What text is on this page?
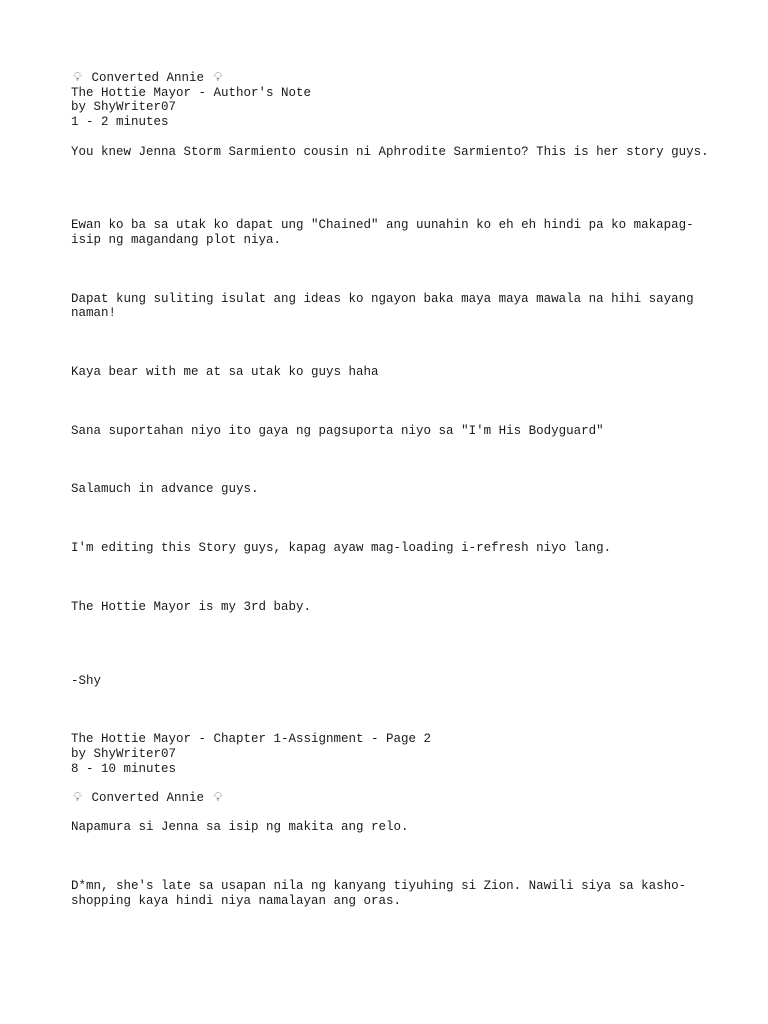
💡︎ Converted Annie 💡︎
The Hottie Mayor - Author's Note
by ShyWriter07
1 - 2 minutes
You knew Jenna Storm Sarmiento cousin ni Aphrodite Sarmiento? This is her story guys.
Ewan ko ba sa utak ko dapat ung "Chained" ang uunahin ko eh eh hindi pa ko makapag-isip ng magandang plot niya.
Dapat kung suliting isulat ang ideas ko ngayon baka maya maya mawala na hihi sayang naman!
Kaya bear with me at sa utak ko guys haha
Sana suportahan niyo ito gaya ng pagsuporta niyo sa "I'm His Bodyguard"
Salamuch in advance guys.
I'm editing this Story guys, kapag ayaw mag-loading i-refresh niyo lang.
The Hottie Mayor is my 3rd baby.
-Shy
The Hottie Mayor - Chapter 1-Assignment - Page 2
by ShyWriter07
8 - 10 minutes
💡︎ Converted Annie 💡︎
Napamura si Jenna sa isip ng makita ang relo.
D*mn, she's late sa usapan nila ng kanyang tiyuhing si Zion. Nawili siya sa kasho-shopping kaya hindi niya namalayan ang oras.
